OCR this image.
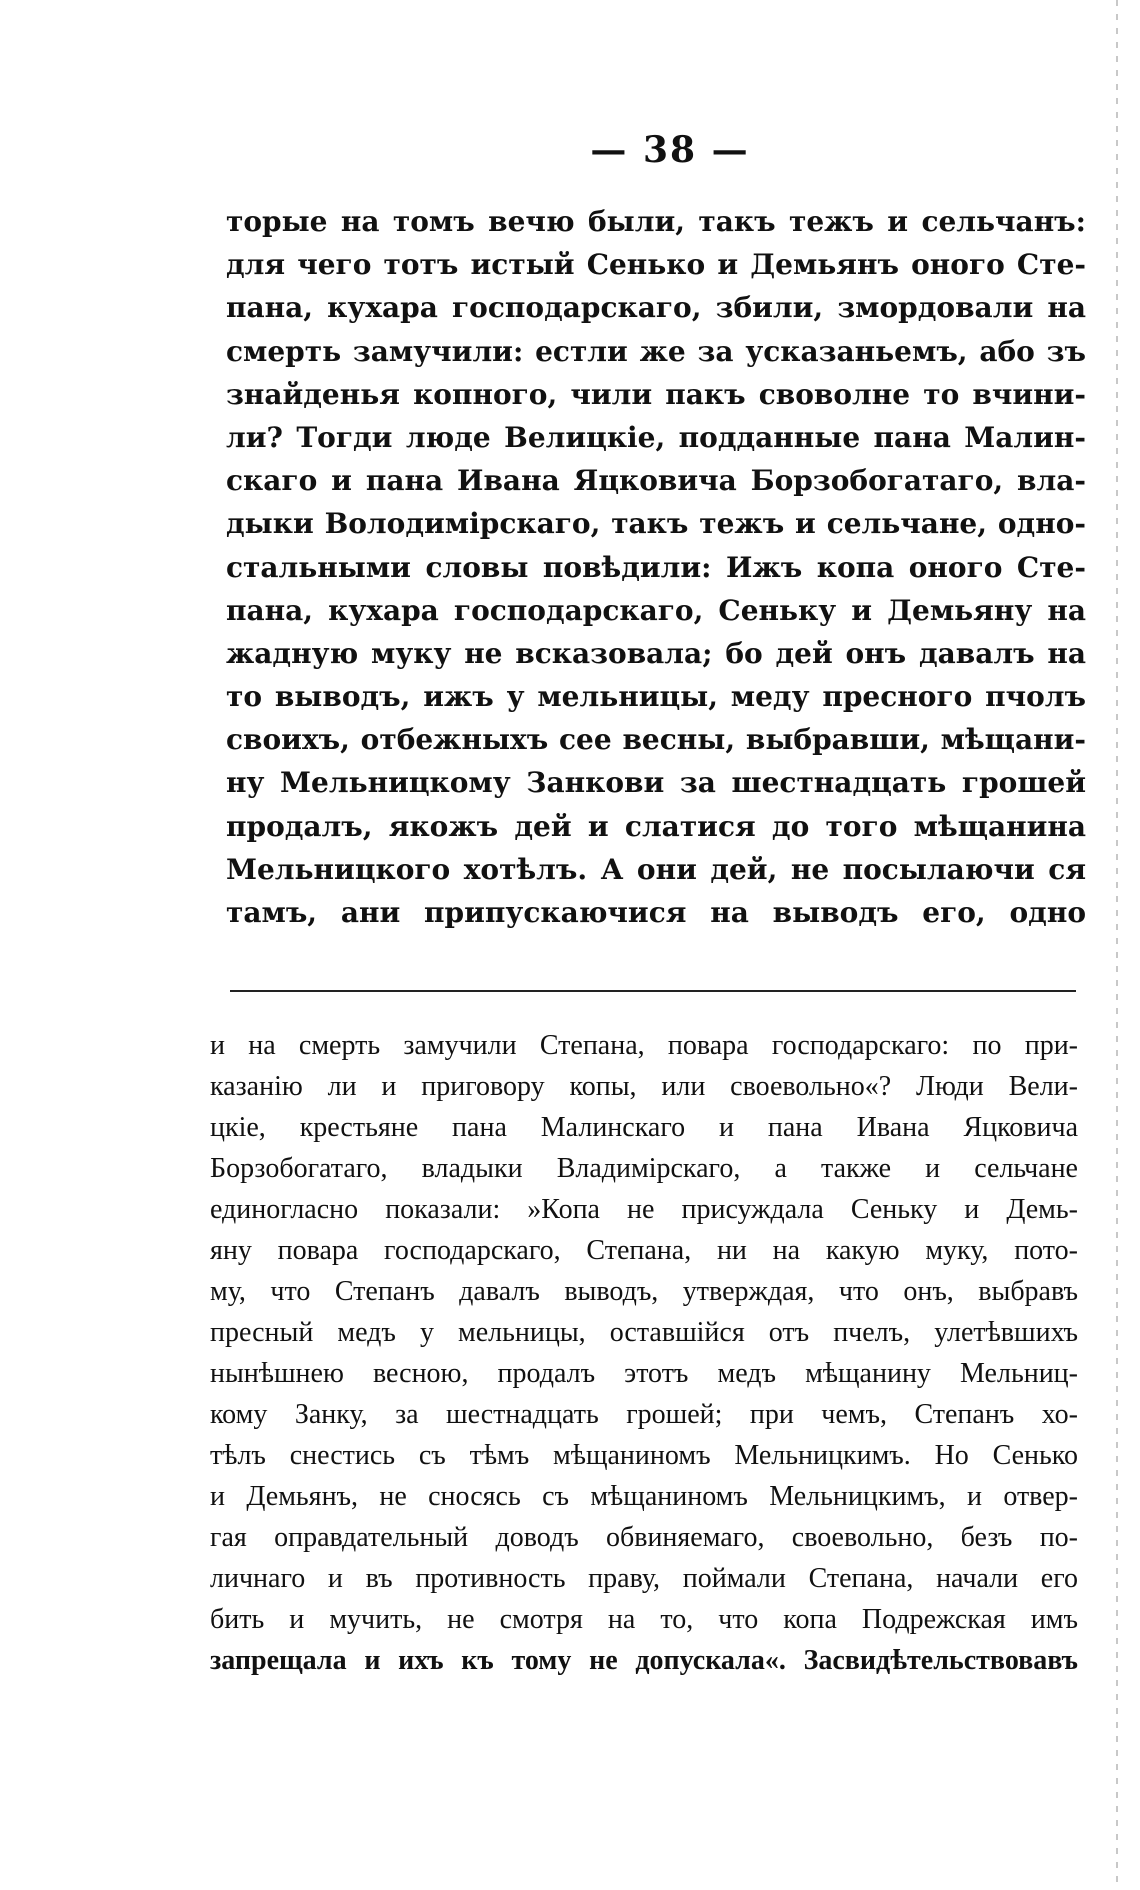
— 38 —
торые на томъ вечю были, такъ тежъ и сельчанъ:
для чего тотъ истый Сенько и Демьянъ оного Сте-
пана, кухара господарскаго, збили, змордовали на
смерть замучили: естли же за усказаньемъ, або зъ
знайденья копного, чили пакъ своволне то вчини-
ли? Тогди люде Велицкіе, подданные пана Малин-
скаго и пана Ивана Яцковича Борзобогатаго, вла-
дыки Володимірскаго, такъ тежъ и сельчане, одно-
стальными словы повѣдили: Ижъ копа оного Сте-
пана, кухара господарскаго, Сеньку и Демьяну на
жадную муку не всказовала; бо дей онъ давалъ на
то выводъ, ижъ у мельницы, меду пресного пчолъ
своихъ, отбежныхъ сее весны, выбравши, мѣщани-
ну Мельницкому Занкови за шестнадцать грошей
продалъ, якожъ дей и слатися до того мѣщанина
Мельницкого хотѣлъ. А они дей, не посылаючи ся
тамъ, ани припускаючися на выводъ его, одно
и на смерть замучили Степана, повара господарскаго: по при-
казанію ли и приговору копы, или своевольно«? Люди Вели-
цкіе, крестьяне пана Малинскаго и пана Ивана Яцковича
Борзобогатаго, владыки Владимірскаго, а также и сельчане
единогласно показали: »Копа не присуждала Сеньку и Демь-
яну повара господарскаго, Степана, ни на какую муку, пото-
му, что Степанъ давалъ выводъ, утверждая, что онъ, выбравъ
пресный медъ у мельницы, оставшійся отъ пчелъ, улетѣвшихъ
нынѣшнею весною, продалъ этотъ медъ мѣщанину Мельниц-
кому Занку, за шестнадцать грошей; при чемъ, Степанъ хо-
тѣлъ снестись съ тѣмъ мѣщаниномъ Мельницкимъ. Но Сенько
и Демьянъ, не сносясь съ мѣщаниномъ Мельницкимъ, и отвер-
гая оправдательный доводъ обвиняемаго, своевольно, безъ по-
личнаго и въ противность праву, поймали Степана, начали его
бить и мучить, не смотря на то, что копа Подрежская имъ
запрещала и ихъ къ тому не допускала«. Засвидѣтельствовавъ
